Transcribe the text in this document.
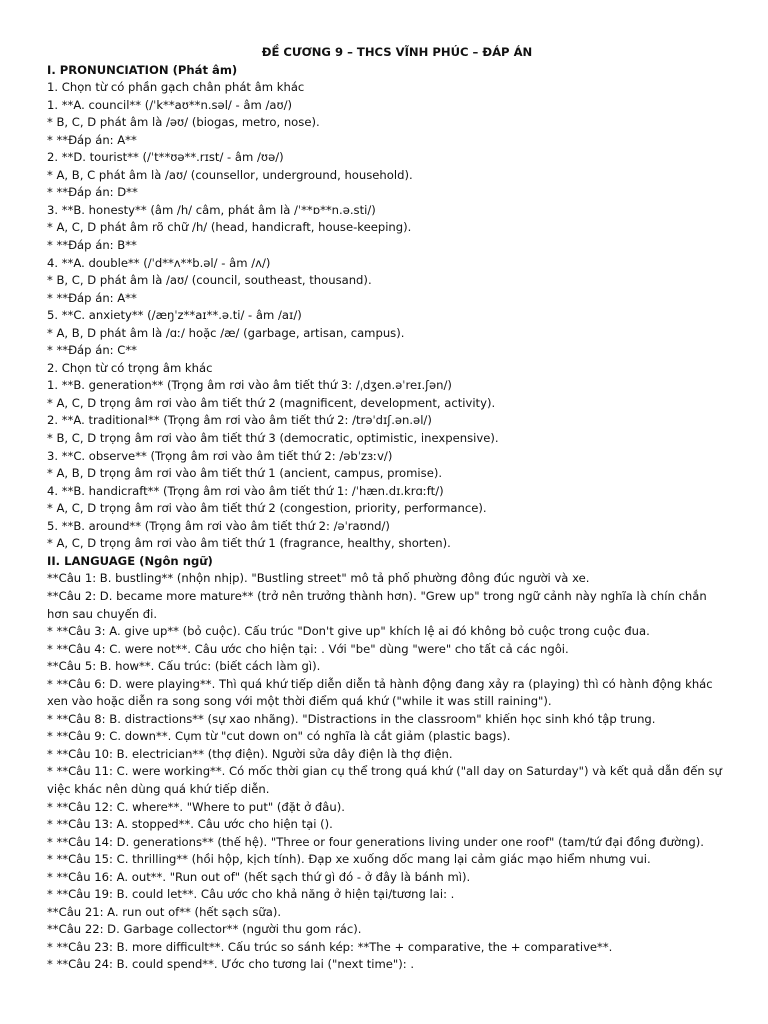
ĐỀ CƯƠNG 9 – THCS VĨNH PHÚC – ĐÁP ÁN
I. PRONUNCIATION (Phát âm)
1. Chọn từ có phần gạch chân phát âm khác
1. **A. council** (/ˈk**aʊ**n.səl/ - âm /aʊ/)
* B, C, D phát âm là /əʊ/ (biogas, metro, nose).
* **Đáp án: A**
2. **D. tourist** (/ˈt**ʊə**.rɪst/ - âm /ʊə/)
* A, B, C phát âm là /aʊ/ (counsellor, underground, household).
* **Đáp án: D**
3. **B. honesty** (âm /h/ câm, phát âm là /ˈ**ɒ**n.ə.sti/)
* A, C, D phát âm rõ chữ /h/ (head, handicraft, house-keeping).
* **Đáp án: B**
4. **A. double** (/ˈd**ʌ**b.əl/ - âm /ʌ/)
* B, C, D phát âm là /aʊ/ (council, southeast, thousand).
* **Đáp án: A**
5. **C. anxiety** (/æŋˈz**aɪ**.ə.ti/ - âm /aɪ/)
* A, B, D phát âm là /ɑː/ hoặc /æ/ (garbage, artisan, campus).
* **Đáp án: C**
2. Chọn từ có trọng âm khác
1. **B. generation** (Trọng âm rơi vào âm tiết thứ 3: /ˌdʒen.əˈreɪ.ʃən/)
* A, C, D trọng âm rơi vào âm tiết thứ 2 (magnificent, development, activity).
2. **A. traditional** (Trọng âm rơi vào âm tiết thứ 2: /trəˈdɪʃ.ən.əl/)
* B, C, D trọng âm rơi vào âm tiết thứ 3 (democratic, optimistic, inexpensive).
3. **C. observe** (Trọng âm rơi vào âm tiết thứ 2: /əbˈzɜːv/)
* A, B, D trọng âm rơi vào âm tiết thứ 1 (ancient, campus, promise).
4. **B. handicraft** (Trọng âm rơi vào âm tiết thứ 1: /ˈhæn.dɪ.krɑːft/)
* A, C, D trọng âm rơi vào âm tiết thứ 2 (congestion, priority, performance).
5. **B. around** (Trọng âm rơi vào âm tiết thứ 2: /əˈraʊnd/)
* A, C, D trọng âm rơi vào âm tiết thứ 1 (fragrance, healthy, shorten).
II. LANGUAGE (Ngôn ngữ)
**Câu 1: B. bustling** (nhộn nhịp). "Bustling street" mô tả phố phường đông đúc người và xe.
**Câu 2: D. became more mature** (trở nên trưởng thành hơn). "Grew up" trong ngữ cảnh này nghĩa là chín chắn hơn sau chuyến đi.
* **Câu 3: A. give up** (bỏ cuộc). Cấu trúc "Don't give up" khích lệ ai đó không bỏ cuộc trong cuộc đua.
* **Câu 4: C. were not**. Câu ước cho hiện tại: . Với "be" dùng "were" cho tất cả các ngôi.
**Câu 5: B. how**. Cấu trúc: (biết cách làm gì).
* **Câu 6: D. were playing**. Thì quá khứ tiếp diễn diễn tả hành động đang xảy ra (playing) thì có hành động khác xen vào hoặc diễn ra song song với một thời điểm quá khứ ("while it was still raining").
* **Câu 8: B. distractions** (sự xao nhãng). "Distractions in the classroom" khiến học sinh khó tập trung.
* **Câu 9: C. down**. Cụm từ "cut down on" có nghĩa là cắt giảm (plastic bags).
* **Câu 10: B. electrician** (thợ điện). Người sửa dây điện là thợ điện.
* **Câu 11: C. were working**. Có mốc thời gian cụ thể trong quá khứ ("all day on Saturday") và kết quả dẫn đến sự việc khác nên dùng quá khứ tiếp diễn.
* **Câu 12: C. where**. "Where to put" (đặt ở đâu).
* **Câu 13: A. stopped**. Câu ước cho hiện tại ().
* **Câu 14: D. generations** (thế hệ). "Three or four generations living under one roof" (tam/tứ đại đồng đường).
* **Câu 15: C. thrilling** (hồi hộp, kịch tính). Đạp xe xuống dốc mang lại cảm giác mạo hiểm nhưng vui.
* **Câu 16: A. out**. "Run out of" (hết sạch thứ gì đó - ở đây là bánh mì).
* **Câu 19: B. could let**. Câu ước cho khả năng ở hiện tại/tương lai: .
**Câu 21: A. run out of** (hết sạch sữa).
**Câu 22: D. Garbage collector** (người thu gom rác).
* **Câu 23: B. more difficult**. Cấu trúc so sánh kép: **The + comparative, the + comparative**.
* **Câu 24: B. could spend**. Ước cho tương lai ("next time"): .
